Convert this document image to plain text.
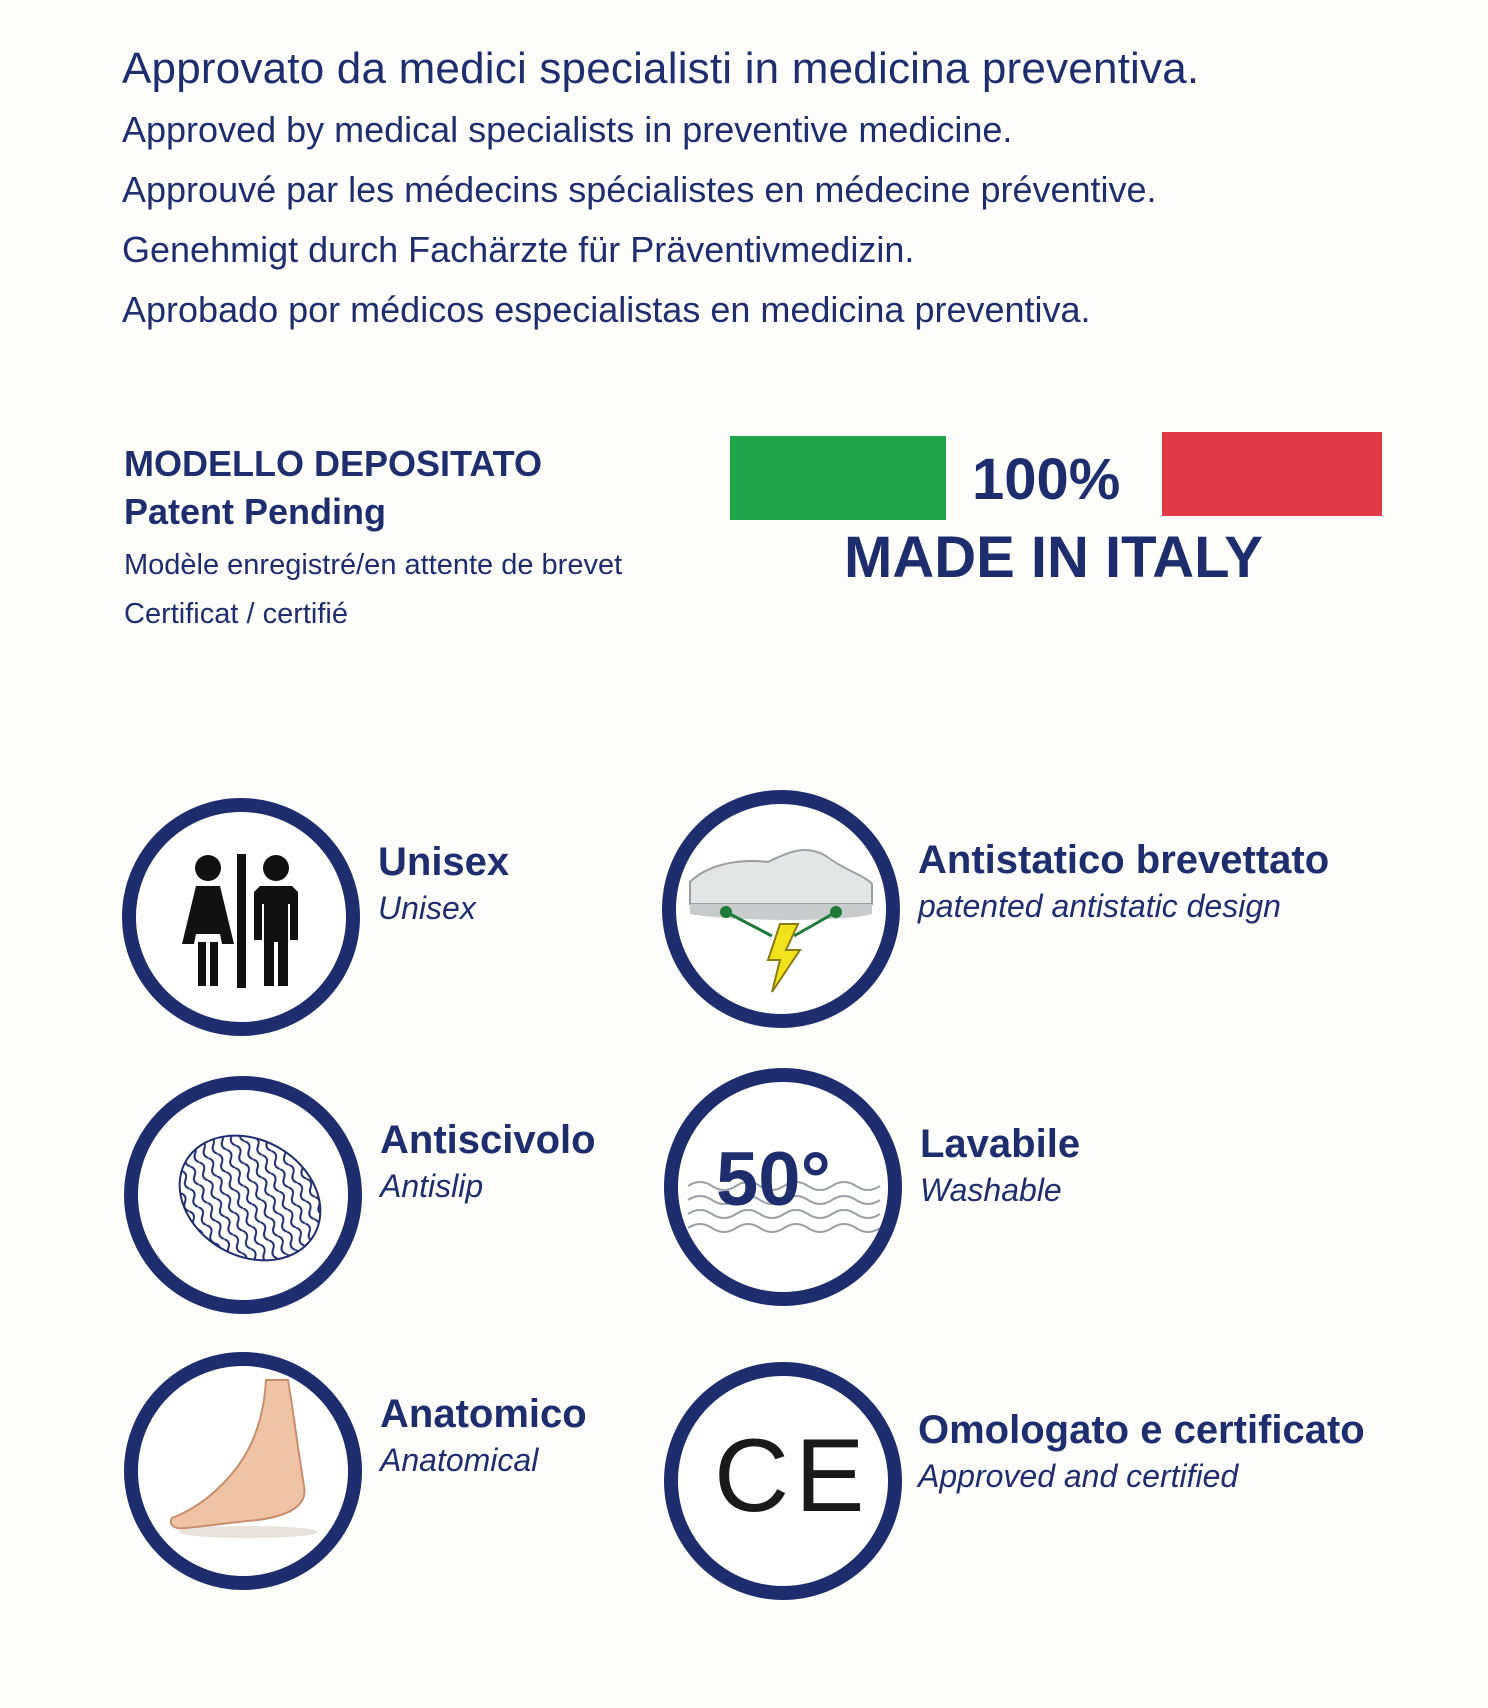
Approvato da medici specialisti in medicina preventiva.
Approved by medical specialists in preventive medicine.
Approuvé par les médecins spécialistes en médecine préventive.
Genehmigt durch Fachärzte für Präventivmedizin.
Aprobado por médicos especialistas en medicina preventiva.
MODELLO DEPOSITATO
Patent Pending
Modèle enregistré/en attente de brevet
Certificat / certifié
100%
MADE IN ITALY
Unisex
Unisex
Antistatico brevettato
patented antistatic design
Antiscivolo
Antislip	50° Lavabile
Washable
Anatomico
Anatomical CE Omologato e certificato
Approved and certified
